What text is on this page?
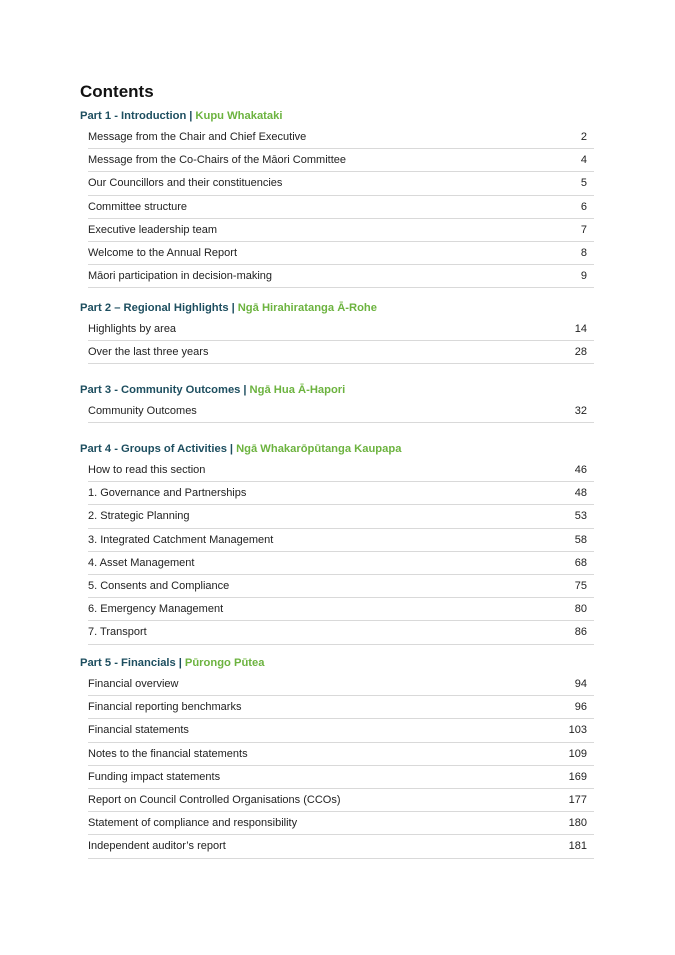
Contents
Part 1 - Introduction | Kupu Whakataki
Message from the Chair and Chief Executive	2
Message from the Co-Chairs of the Māori Committee	4
Our Councillors and their constituencies	5
Committee structure	6
Executive leadership team	7
Welcome to the Annual Report	8
Māori participation in decision-making	9
Part 2 – Regional Highlights | Ngā Hirahiratanga Ā-Rohe
Highlights by area	14
Over the last three years	28
Part 3 - Community Outcomes | Ngā Hua Ā-Hapori
Community Outcomes	32
Part 4 - Groups of Activities | Ngā Whakarōpūtanga Kaupapa
How to read this section	46
1. Governance and Partnerships	48
2. Strategic Planning	53
3. Integrated Catchment Management	58
4. Asset Management	68
5. Consents and Compliance	75
6. Emergency Management	80
7. Transport	86
Part 5 - Financials | Pūrongo Pūtea
Financial overview	94
Financial reporting benchmarks	96
Financial statements	103
Notes to the financial statements	109
Funding impact statements	169
Report on Council Controlled Organisations (CCOs)	177
Statement of compliance and responsibility	180
Independent auditor’s report	181
